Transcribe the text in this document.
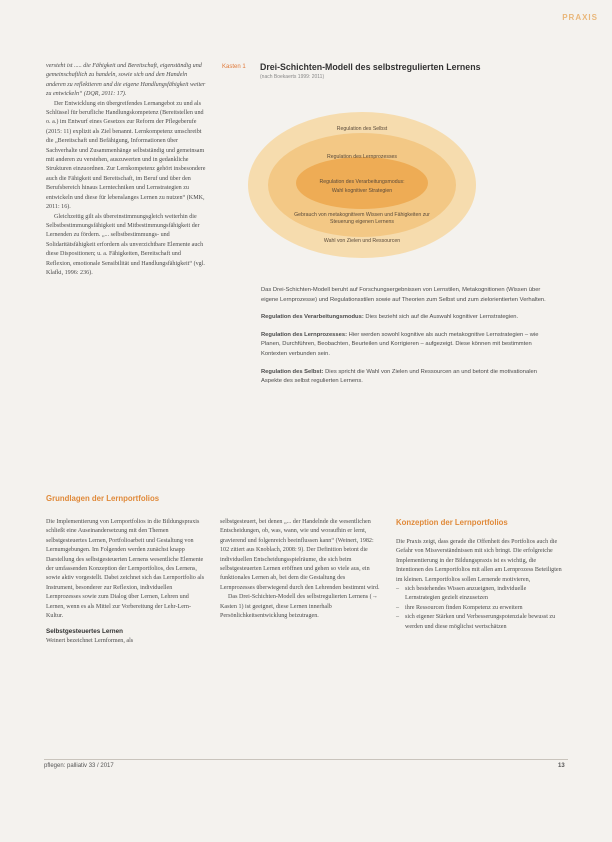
PRAXIS

versteht ist ..... die Fähigkeit und Bereitschaft, eigenständig und gemeinschaftlich zu handeln, sowie sich und den Handeln anderen zu reflektieren und die eigene Handlungsfähigkeit weiter zu entwickeln“ (DQR, 2011: 17).

Der Entwicklung ein übergreifendes Lernangebot zu und als Schlüssel für berufliche Handlungskompetenz (Bereitstellen und o. a.) im Entwurf eines Gesetzes zur Reform der Pflegeberufe (2015: 11) explizit als Ziel benannt. Lernkompetenz umschreibt die „Bereitschaft und Befähigung, Informationen über Sachverhalte und Zusammenhänge selbstständig und gemeinsam mit anderen zu verstehen, auszuwerten und in gedankliche Strukturen einzuordnen. Zur Lernkompetenz gehört insbesondere auch die Fähigkeit und Bereitschaft, im Beruf und über den Berufsbereich hinaus Lerntechniken und Lernstrategien zu entwickeln und diese für lebenslanges Lernen zu nutzen“ (KMK, 2011: 16).

Gleichzeitig gilt als übereinstimmungsgleich weiterhin die Selbstbestimmungsfähigkeit und Mitbestimmungsfähigkeit der Lernenden zu fördern. „... selbstbestimmungs- und Solidaritätsfähigkeit erfordern als unverzichtbare Elemente auch diese Dispositionen; u. a. Fähigkeiten, Bereitschaft und Reflexion, emotionale Sensibilität und Handlungsfähigkeit“ (vgl. Klafki, 1996: 236).

Kasten 1 Drei-Schichten-Modell des selbstregulierten Lernens
(nach Boekaerts 1999: 2011)
Regulation des Selbst
Regulation des Lernprozesses
Regulation des Verarbeitungsmodus:
Wahl kognitiver Strategien
Gebrauch von metakognitivem Wissen und Fähigkeiten zur Steuerung eigenen Lernens
Wahl von Zielen und Ressourcen
Das Drei-Schichten-Modell beruht auf Forschungsergebnissen von Lernstilen, Metakognitionen (Wissen über eigene Lernprozesse) und Regulationsstilen sowie auf Theorien zum Selbst und zum zielorientierten Verhalten.
Regulation des Verarbeitungsmodus: Dies bezieht sich auf die Auswahl kognitiver Lernstrategien.
Regulation des Lernprozesses: Hier werden sowohl kognitive als auch metakognitive Lernstrategien – wie Planen, Durchführen, Beobachten, Beurteilen und Korrigieren – aufgezeigt. Diese können mit bestimmten Kontexten verbunden sein.
Regulation des Selbst: Dies spricht die Wahl von Zielen und Ressourcen an und betont die motivationalen Aspekte des selbst regulierten Lernens.
Grundlagen der Lernportfolios

Die Implementierung von Lernportfolios in die Bildungspraxis schließt eine Auseinandersetzung mit den Themen selbstgesteuertes Lernen, Portfolioarbeit und Gestaltung von Lernumgebungen. Im Folgenden werden zunächst knapp Darstellung des selbstgesteuerten Lernens wesentliche Elemente der umfassenden Konzeption der Lernportfolios, des Lernens, sowie aktiv vorgestellt. Dabei zeichnet sich das Lernportfolio als Instrument, besonderer zur Reflexion, individuellen Lernprozesses sowie zum Dialog über Lernen, Lehren und Lernen, wenn es als Mittel zur Vorbereitung der Lehr-Lern-Kultur.

Selbstgesteuertes Lernen

Weinert bezeichnet Lernformen, als

selbstgesteuert, bei denen „... der Handelnde die wesentlichen Entscheidungen, ob, was, wann, wie und woraufhin er lernt, gravierend und folgenreich beeinflussen kann“ (Weinert, 1982: 102 zitiert aus Knoblach, 2008: 9). Der Definition betont die individuellen Entscheidungsspielräume, die sich beim selbstgesteuerten Lernen eröffnen und gehen so viele aus, ein funktionales Lernen ab, bei dem die Gestaltung des Lernprozesses überwiegend durch den Lehrenden bestimmt wird.

Das Drei-Schichten-Modell des selbstregulierten Lernens (→ Kasten 1) ist geeignet, diese Lernen innerhalb Persönlichkeitsentwicklung beizutragen.

Konzeption der Lernportfolios

Die Praxis zeigt, dass gerade die Offenheit des Portfolios auch die Gefahr von Missverständnissen mit sich bringt. Die erfolgreiche Implementierung in der Bildungspraxis ist es wichtig, die Intentionen des Lernportfolios mit allen am Lernprozess Beteiligten im kleinen. Lernportfolios sollen Lernende motivieren,

– sich bestehendes Wissen anzueignen, individuelle Lernstrategien gezielt einzusetzen

– ihre Ressourcen finden Kompetenz zu erweitern

– sich eigener Stärken und Verbesserungspotenziale bewusst zu werden und diese möglichst wertschätzen

pflegen: palliativ 33 / 2017	13
